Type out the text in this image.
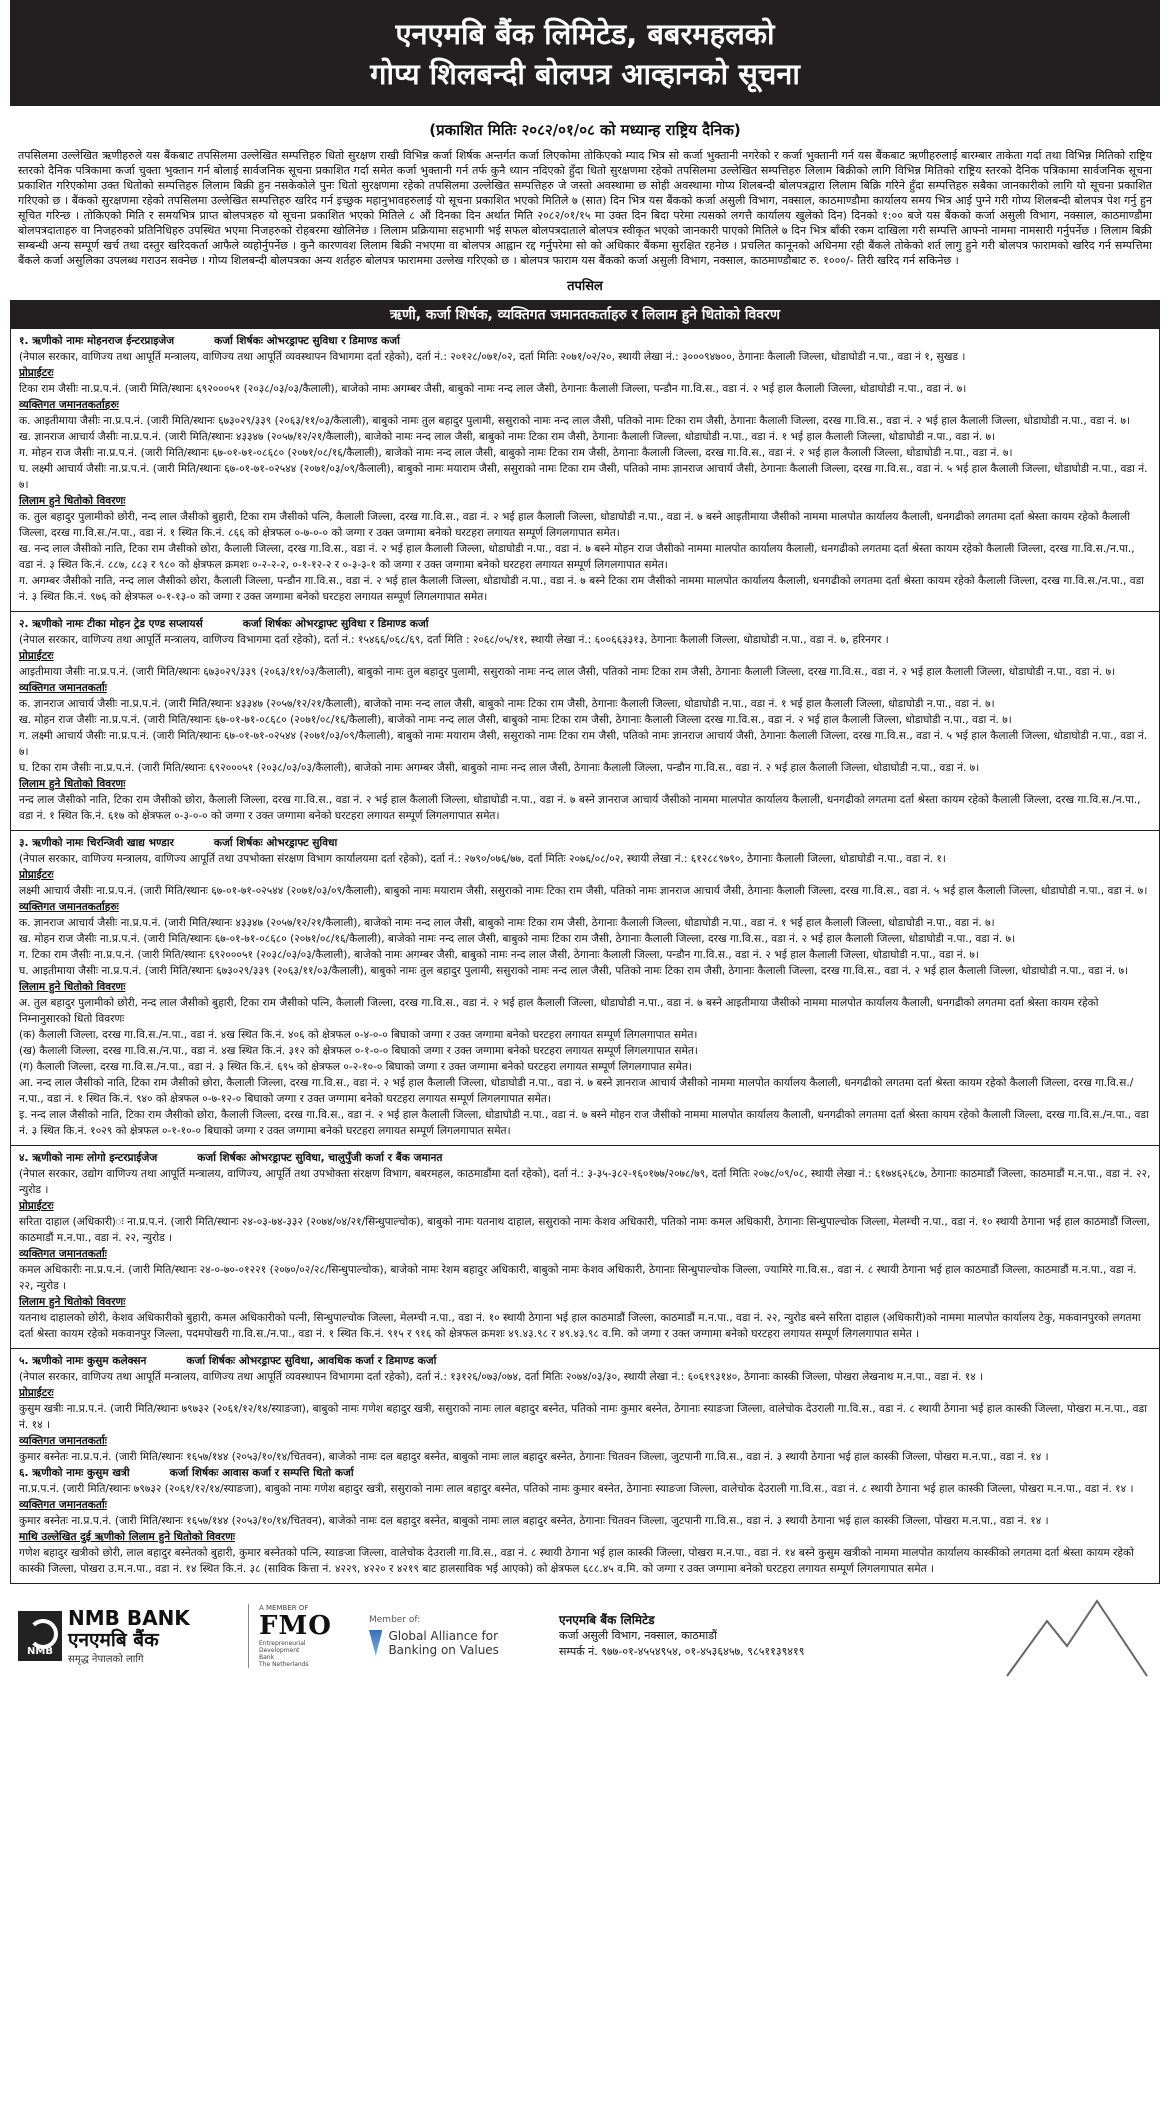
एनएमबि बैंक लिमिटेड, बबरमहलको
गोप्य शिलबन्दी बोलपत्र आव्हानको सूचना
(प्रकाशित मितिः २०८२/०१/०८ को मध्यान्ह राष्ट्रिय दैनिक)

तपसिलमा उल्लेखित ऋणीहरुले यस बैंकबाट तपसिलमा उल्लेखित सम्पत्तिहरु धितो सुरक्षण राखी विभिन्न कर्जा शिर्षक अन्तर्गत कर्जा लिएकोमा तोकिएको म्याद भित्र सो कर्जा भुक्तानी नगरेको र कर्जा भुक्तानी गर्न यस बैंकबाट ऋणीहरुलाई बारम्बार ताकेता गर्दा तथा विभिन्न मितिको राष्ट्रिय स्तरको दैनिक पत्रिकामा कर्जा चुक्ता भुक्तान गर्न बोलाई सार्वजनिक सूचना प्रकाशित गर्दा समेत कर्जा भुक्तानी गर्न तर्फ कुनै ध्यान नदिएको हुँदा धितो सुरक्षणमा रहेको तपसिलमा उल्लेखित सम्पत्तिहरु लिलाम बिक्रीको लागि विभिन्न मितिको राष्ट्रिय स्तरको दैनिक पत्रिकामा सार्वजनिक सूचना प्रकाशित गरिएकोमा उक्त धितोको सम्पत्तिहरु लिलाम बिक्री हुन नसकेकोले पुनः धितो सुरक्षणमा रहेको तपसिलमा उल्लेखित सम्पत्तिहरु जे जस्तो अवस्थामा छ सोही अवस्थामा गोप्य शिलबन्दी बोलपत्रद्वारा लिलाम बिक्रि गरिने हुँदा सम्पत्तिहरु सबैका जानकारीको लागि यो सूचना प्रकाशित गरिएको छ । बैंकको सुरक्षणमा रहेको तपसिलमा उल्लेखित सम्पत्तिहरु खरिद गर्न इच्छुक महानुभावहरुलाई यो सूचना प्रकाशित भएको मितिले ७ (सात) दिन भित्र यस बैंकको कर्जा असुली विभाग, नक्साल, काठमाण्डौमा कार्यालय समय भित्र आई पुग्ने गरी गोप्य शिलबन्दी बोलपत्र पेश गर्नु हुन सूचित गरिन्छ । तोकिएको मिति र समयभित्र प्राप्त बोलपत्रहरु यो सूचना प्रकाशित भएको मितिले ८ औं दिनका दिन अर्थात मिति २०८२/०१/१५ मा उक्त दिन बिदा परेमा त्यसको लगत्तै कार्यालय खुलेको दिन) दिनको १:०० बजे यस बैंकको कर्जा असुली विभाग, नक्साल, काठमाण्डौमा बोलपत्रदाताहरु वा निजहरुको प्रतिनिधिहरु उपस्थित भएमा निजहरुको रोहबरमा खोलिनेछ । लिलाम प्रक्रियामा सहभागी भई सफल बोलपत्रदाताले बोलपत्र स्वीकृत भएको जानकारी पाएको मितिले ७ दिन भित्र बाँकी रकम दाखिला गरी सम्पत्ति आफ्नो नाममा नामसारी गर्नुपर्नेछ । लिलाम बिक्री सम्बन्धी अन्य सम्पूर्ण खर्च तथा दस्तुर खरिदकर्ता आफैले व्यहोर्नुपर्नेछ । कुनै कारणवश लिलाम बिक्री नभएमा वा बोलपत्र आह्वान रद्द गर्नुपरेमा सो को अधिकार बैंकमा सुरक्षित रहनेछ । प्रचलित कानूनको अधिनमा रही बैंकले तोकेको शर्त लागु हुने गरी बोलपत्र फारामको खरिद गर्न सम्पत्तिमा बैंकले कर्जा असुलिका उपलब्ध गराउन सक्नेछ । गोप्य शिलबन्दी बोलपत्रका अन्य शर्तहरु बोलपत्र फाराममा उल्लेख गरिएको छ । बोलपत्र फाराम यस बैंकको कर्जा असुली विभाग, नक्साल, काठमाण्डौबाट रु. १०००/- तिरी खरिद गर्न सकिनेछ ।

तपसिल
ऋणी, कर्जा शिर्षक, व्यक्तिगत जमानतकर्ताहरु र लिलाम हुने धितोको विवरण
१. ऋणीको नामः मोहनराज ईन्टरप्राइजेज	कर्जा शिर्षकः ओभरड्राफ्ट सुविधा र डिमाण्ड कर्जा
(नेपाल सरकार, वाणिज्य तथा आपूर्ति मन्त्रालय, वाणिज्य तथा आपूर्ति व्यवस्थापन विभागमा दर्ता रहेको), दर्ता नं.: २०१२८/०७१/०२, दर्ता मितिः २०७१/०२/२०, स्थायी लेखा नं.: ३०००९४७००, ठेगानाः कैलाली जिल्ला, धोडाघोडी न.पा., वडा नं १, सुखड ।
प्रोप्राईटरः
टिका राम जैसीः ना.प्र.प.नं. (जारी मिति/स्थानः ६९२०००५१ (२०३८/०३/०३/कैलाली), बाजेको नामः अगम्बर जैसी, बाबुको नामः नन्द लाल जैसी, ठेगानाः कैलाली जिल्ला, पन्डौन गा.वि.स., वडा नं. २ भई हाल कैलाली जिल्ला, धोडाघोडी न.पा., वडा नं. ७।
व्यक्तिगत जमानतकर्ताहरुः
क. आइतीमाया जैसीः ना.प्र.प.नं. (जारी मिति/स्थानः ६७३०२९/३३९ (२०६३/११/०३/कैलाली), बाबुको नामः तुल बहादुर पुलामी, ससुराको नामः नन्द लाल जैसी, पतिको नामः टिका राम जैसी, ठेगानाः कैलाली जिल्ला, दरख गा.वि.स., वडा नं. २ भई हाल कैलाली जिल्ला, धोडाघोडी न.पा., वडा नं. ७।
ख. ज्ञानराज आचार्य जैसीः ना.प्र.प.नं. (जारी मिति/स्थानः ४३३४७ (२०५७/१२/२१/कैलाली), बाजेको नामः नन्द लाल जैसी, बाबुको नामः टिका राम जैसी, ठेगानाः कैलाली जिल्ला, धोडाघोडी न.पा., वडा नं. १ भई हाल कैलाली जिल्ला, धोडाघोडी न.पा., वडा नं. ७।
ग. मोहन राज जैसीः ना.प्र.प.नं. (जारी मिति/स्थानः ६७-०१-७१-०८६८० (२०७१/०८/१६/कैलाली), बाजेको नामः नन्द लाल जैसी, बाबुको नामः टिका राम जैसी, ठेगानाः कैलाली जिल्ला, दरख गा.वि.स., वडा नं. २ भई हाल कैलाली जिल्ला, धोडाघोडी न.पा., वडा नं. ७।
घ. लक्ष्मी आचार्य जैसीः ना.प्र.प.नं. (जारी मिति/स्थानः ६७-०१-७१-०२५४४ (२०७१/०३/०९/कैलाली), बाबुको नामः मयाराम जैसी, ससुराको नामः टिका राम जैसी, पतिको नामः ज्ञानराज आचार्य जैसी, ठेगानाः कैलाली जिल्ला, दरख गा.वि.स., वडा नं. ५ भई हाल कैलाली जिल्ला, धोडाघोडी न.पा., वडा नं. ७।
लिलाम हुने धितोको विवरणः
क. तुल बहादुर पुलामीको छोरी, नन्द लाल जैसीको बुहारी, टिका राम जैसीको पत्नि, कैलाली जिल्ला, दरख गा.वि.स., वडा नं. २ भई हाल कैलाली जिल्ला, धोडाघोडी न.पा., वडा नं. ७ बस्ने आइतीमाया जैसीको नाममा मालपोत कार्यालय कैलाली, धनगढीको लगतमा दर्ता श्रेस्ता कायम रहेको कैलाली जिल्ला, दरख गा.वि.स./न.पा., वडा नं. १ स्थित कि.नं. ८६६ को क्षेत्रफल ०-७-०-० को जग्गा र उक्त जग्गामा बनेको घरटहरा लगायत सम्पूर्ण लिगलगापात समेत।
ख. नन्द लाल जैसीको नाति, टिका राम जैसीको छोरा, कैलाली जिल्ला, दरख गा.वि.स., वडा नं. २ भई हाल कैलाली जिल्ला, धोडाघोडी न.पा., वडा नं. ७ बस्ने मोहन राज जैसीको नाममा मालपोत कार्यालय कैलाली, धनगढीको लगतमा दर्ता श्रेस्ता कायम रहेको कैलाली जिल्ला, दरख गा.वि.स./न.पा., वडा नं. ३ स्थित कि.नं. ८८७, ८८३ र ९८० को क्षेत्रफल क्रमशः ०-२-२-२, ०-१-१२-२ र ०-३-३-१ को जग्गा र उक्त जग्गामा बनेको घरटहरा लगायत सम्पूर्ण लिगलगापात समेत।
ग. अगम्बर जैसीको नाति, नन्द लाल जैसीको छोरा, कैलाली जिल्ला, पन्डौन गा.वि.स., वडा नं. २ भई हाल कैलाली जिल्ला, धोडाघोडी न.पा., वडा नं. ७ बस्ने टिका राम जैसीको नाममा मालपोत कार्यालय कैलाली, धनगढीको लगतमा दर्ता श्रेस्ता कायम रहेको कैलाली जिल्ला, दरख गा.वि.स./न.पा., वडा नं. ३ स्थित कि.नं. ९७६ को क्षेत्रफल ०-१-१३-० को जग्गा र उक्त जग्गामा बनेको घरटहरा लगायत सम्पूर्ण लिगलगापात समेत।
२. ऋणीको नामः टीका मोहन ट्रेड एण्ड सप्लायर्स	कर्जा शिर्षकः ओभरड्राफ्ट सुविधा र डिमाण्ड कर्जा
(नेपाल सरकार, वाणिज्य तथा आपूर्ति मन्त्रालय, वाणिज्य विभागमा दर्ता रहेको), दर्ता नं.: १५४६६/०६८/६९, दर्ता मिति : २०६८/०५/११, स्थायी लेखा नं.: ६००६६३३१३, ठेगानाः कैलाली जिल्ला, धोडाघोडी न.पा., वडा नं. ७, हरिनगर ।
प्रोप्राईटरः
आइतीमाया जैसीः ना.प्र.प.नं. (जारी मिति/स्थानः ६७३०२९/३३९ (२०६३/११/०३/कैलाली), बाबुको नामः तुल बहादुर पुलामी, ससुराको नामः नन्द लाल जैसी, पतिको नामः टिका राम जैसी, ठेगानाः कैलाली जिल्ला, दरख गा.वि.स., वडा नं. २ भई हाल कैलाली जिल्ला, धोडाघोडी न.पा., वडा नं. ७।
व्यक्तिगत जमानतकर्ताः
क. ज्ञानराज आचार्य जैसीः ना.प्र.प.नं. (जारी मिति/स्थानः ४३३४७ (२०५७/१२/२१/कैलाली), बाजेको नामः नन्द लाल जैसी, बाबुको नामः टिका राम जैसी, ठेगानाः कैलाली जिल्ला, धोडाघोडी न.पा., वडा नं. १ भई हाल कैलाली जिल्ला, धोडाघोडी न.पा., वडा नं. ७।
ख. मोहन राज जैसीः ना.प्र.प.नं. (जारी मिति/स्थानः ६७-०१-७१-०८६८० (२०७१/०८/१६/कैलाली), बाजेको नामः नन्द लाल जैसी, बाबुको नामः टिका राम जैसी, ठेगानाः कैलाली जिल्ला दरख गा.वि.स., वडा नं. २ भई हाल कैलाली जिल्ला, धोडाघोडी न.पा., वडा नं. ७।
ग. लक्ष्मी आचार्य जैसीः ना.प्र.प.नं. (जारी मिति/स्थानः ६७-०१-७१-०२५४४ (२०७१/०३/०९/कैलाली), बाबुको नामः मयाराम जैसी, ससुराको नामः टिका राम जैसी, पतिको नामः ज्ञानराज आचार्य जैसी, ठेगानाः कैलाली जिल्ला, दरख गा.वि.स., वडा नं. ५ भई हाल कैलाली जिल्ला, धोडाघोडी न.पा., वडा नं. ७।
घ. टिका राम जैसीः ना.प्र.प.नं. (जारी मिति/स्थानः ६९२०००५१ (२०३८/०३/०३/कैलाली), बाजेको नामः अगम्बर जैसी, बाबुको नामः नन्द लाल जैसी, ठेगानाः कैलाली जिल्ला, पन्डौन गा.वि.स., वडा नं. २ भई हाल कैलाली जिल्ला, धोडाघोडी न.पा., वडा नं. ७।
लिलाम हुने धितोको विवरणः
नन्द लाल जैसीको नाति, टिका राम जैसीको छोरा, कैलाली जिल्ला, दरख गा.वि.स., वडा नं. २ भई हाल कैलाली जिल्ला, धोडाघोडी न.पा., वडा नं. ७ बस्ने ज्ञानराज आचार्य जैसीको नाममा मालपोत कार्यालय कैलाली, धनगढीको लगतमा दर्ता श्रेस्ता कायम रहेको कैलाली जिल्ला, दरख गा.वि.स./न.पा., वडा नं. १ स्थित कि.नं. ६१७ को क्षेत्रफल ०-३-०-० को जग्गा र उक्त जग्गामा बनेको घरटहरा लगायत सम्पूर्ण लिगलगापात समेत।
३. ऋणीको नामः चिरन्जिवी खाद्य भण्डार	कर्जा शिर्षकः ओभरड्राफ्ट सुविधा
(नेपाल सरकार, वाणिज्य मन्त्रालय, वाणिज्य आपूर्ति तथा उपभोक्ता संरक्षण विभाग कार्यालयमा दर्ता रहेको), दर्ता नं.: २७९०/०७६/७७, दर्ता मितिः २०७६/०८/०२, स्थायी लेखा नं.: ६१२८८९७९०, ठेगानाः कैलाली जिल्ला, धोडाघोडी न.पा., वडा नं. १।
प्रोप्राईटरः
लक्ष्मी आचार्य जैसीः ना.प्र.प.नं. (जारी मिति/स्थानः ६७-०१-७१-०२५४४ (२०७१/०३/०९/कैलाली), बाबुको नामः मयाराम जैसी, ससुराको नामः टिका राम जैसी, पतिको नामः ज्ञानराज आचार्य जैसी, ठेगानाः कैलाली जिल्ला, दरख गा.वि.स., वडा नं. ५ भई हाल कैलाली जिल्ला, धोडाघोडी न.पा., वडा नं. ७।
व्यक्तिगत जमानतकर्ताहरुः
क. ज्ञानराज आचार्य जैसीः ना.प्र.प.नं. (जारी मिति/स्थानः ४३३४७ (२०५७/१२/२१/कैलाली), बाजेको नामः नन्द लाल जैसी, बाबुको नामः टिका राम जैसी, ठेगानाः कैलाली जिल्ला, धोडाघोडी न.पा., वडा नं. १ भई हाल कैलाली जिल्ला, धोडाघोडी न.पा., वडा नं. ७।
ख. मोहन राज जैसीः ना.प्र.प.नं. (जारी मिति/स्थानः ६७-०१-७१-०८६८० (२०७१/०८/१६/कैलाली), बाजेको नामः नन्द लाल जैसी, बाबुको नामः टिका राम जैसी, ठेगानाः कैलाली जिल्ला, दरख गा.वि.स., वडा नं. २ भई हाल कैलाली जिल्ला, धोडाघोडी न.पा., वडा नं. ७।
ग. टिका राम जैसीः ना.प्र.प.नं. (जारी मिति/स्थानः ६९२०००५१ (२०३८/०३/०३/कैलाली), बाजेको नामः अगम्बर जैसी, बाबुको नामः नन्द लाल जैसी, ठेगानाः कैलाली जिल्ला, पन्डौन गा.वि.स., वडा नं. २ भई हाल कैलाली जिल्ला, धोडाघोडी न.पा., वडा नं. ७।
घ. आइतीमाया जैसीः ना.प्र.प.नं. (जारी मिति/स्थानः ६७३०२९/३३९ (२०६३/११/०३/कैलाली), बाबुको नामः तुल बहादुर पुलामी, ससुराको नामः नन्द लाल जैसी, पतिको नामः टिका राम जैसी, ठेगानाः कैलाली जिल्ला, दरख गा.वि.स., वडा नं. २ भई हाल कैलाली जिल्ला, धोडाघोडी न.पा., वडा नं. ७।
लिलाम हुने धितोको विवरणः
अ. तुल बहादुर पुलामीको छोरी, नन्द लाल जैसीको बुहारी, टिका राम जैसीको पत्नि, कैलाली जिल्ला, दरख गा.वि.स., वडा नं. २ भई हाल कैलाली जिल्ला, धोडाघोडी न.पा., वडा नं. ७ बस्ने आइतीमाया जैसीको नाममा मालपोत कार्यालय कैलाली, धनगढीको लगतमा दर्ता श्रेस्ता कायम रहेको निम्नानुसारको धितो विवरणः
(क) कैलाली जिल्ला, दरख गा.वि.स./न.पा., वडा नं. ४ख स्थित कि.नं. ४०६ को क्षेत्रफल ०-४-०-० बिघाको जग्गा र उक्त जग्गामा बनेको घरटहरा लगायत सम्पूर्ण लिगलगापात समेत।
(ख) कैलाली जिल्ला, दरख गा.वि.स./न.पा., वडा नं. ४ख स्थित कि.नं. ३१२ को क्षेत्रफल ०-१-०-० बिघाको जग्गा र उक्त जग्गामा बनेको घरटहरा लगायत सम्पूर्ण लिगलगापात समेत।
(ग) कैलाली जिल्ला, दरख गा.वि.स./न.पा., वडा नं. ३ स्थित कि.नं. ६९५ को क्षेत्रफल ०-२-१०-० बिघाको जग्गा र उक्त जग्गामा बनेको घरटहरा लगायत सम्पूर्ण लिगलगापात समेत।
आ. नन्द लाल जैसीको नाति, टिका राम जैसीको छोरा, कैलाली जिल्ला, दरख गा.वि.स., वडा नं. २ भई हाल कैलाली जिल्ला, धोडाघोडी न.पा., वडा नं. ७ बस्ने ज्ञानराज आचार्य जैसीको नाममा मालपोत कार्यालय कैलाली, धनगढीको लगतमा दर्ता श्रेस्ता कायम रहेको कैलाली जिल्ला, दरख गा.वि.स./न.पा., वडा नं. १ स्थित कि.नं. ९४० को क्षेत्रफल ०-७-१२-० बिघाको जग्गा र उक्त जग्गामा बनेको घरटहरा लगायत सम्पूर्ण लिगलगापात समेत।
इ. नन्द लाल जैसीको नाति, टिका राम जैसीको छोरा, कैलाली जिल्ला, दरख गा.वि.स., वडा नं. २ भई हाल कैलाली जिल्ला, धोडाघोडी न.पा., वडा नं. ७ बस्ने मोहन राज जैसीको नाममा मालपोत कार्यालय कैलाली, धनगढीको लगतमा दर्ता श्रेस्ता कायम रहेको कैलाली जिल्ला, दरख गा.वि.स./न.पा., वडा नं. ३ स्थित कि.नं. १०२९ को क्षेत्रफल ०-१-१०-० बिघाको जग्गा र उक्त जग्गामा बनेको घरटहरा लगायत सम्पूर्ण लिगलगापात समेत।
४. ऋणीको नामः लोगो इन्टरप्राईजेज	कर्जा शिर्षकः ओभरड्राफ्ट सुविधा, चालुपुँजी कर्जा र बैंक जमानत
(नेपाल सरकार, उद्योग वाणिज्य तथा आपूर्ति मन्त्रालय, वाणिज्य, आपूर्ति तथा उपभोक्ता संरक्षण विभाग, बबरमहल, काठमाडौंमा दर्ता रहेको), दर्ता नं.: ३-३५-३८२-१६०१७७/२०७८/७९, दर्ता मितिः २०७८/०९/०८, स्थायी लेखा नं.: ६१७४६२६८७, ठेगानाः काठमाडौं जिल्ला, काठमाडौं म.न.पा., वडा नं. २२, न्युरोड ।
प्रोप्राईटरः
सरिता दाहाल (अधिकारी)ः ना.प्र.प.नं. (जारी मिति/स्थानः २४-०३-७४-३३२ (२०७४/०४/२१/सिन्धुपाल्चोक), बाबुको नामः यतनाथ दाहाल, ससुराको नामः केशव अधिकारी, पतिको नामः कमल अधिकारी, ठेगानाः सिन्धुपाल्चोक जिल्ला, मेलम्ची न.पा., वडा नं. १० स्थायी ठेगाना भई हाल काठमाडौं जिल्ला, काठमाडौं म.न.पा., वडा नं. २२, न्युरोड ।
व्यक्तिगत जमानतकर्ताः
कमल अधिकारीः ना.प्र.प.नं. (जारी मिति/स्थानः २४-०-७०-०१२२१ (२०७०/०२/२८/सिन्धुपाल्चोक), बाजेको नामः रेशम बहादुर अधिकारी, बाबुको नामः केशव अधिकारी, ठेगानाः सिन्धुपाल्चोक जिल्ला, ज्यामिरे गा.वि.स., वडा नं. ८ स्थायी ठेगाना भई हाल काठमाडौं जिल्ला, काठमाडौं म.न.पा., वडा नं. २२, न्युरोड ।
लिलाम हुने धितोको विवरणः
यतनाथ दाहालको छोरी, केशव अधिकारीको बुहारी, कमल अधिकारीको पत्नी, सिन्धुपाल्चोक जिल्ला, मेलम्ची न.पा., वडा नं. १० स्थायी ठेगाना भई हाल काठमाडौं जिल्ला, काठमाडौं म.न.पा., वडा नं. २२, न्युरोड बस्ने सरिता दाहाल (अधिकारी)को नाममा मालपोत कार्यालय टेकु, मकवानपुरको लगतमा दर्ता श्रेस्ता कायम रहेको मकवानपुर जिल्ला, पदमपोखरी गा.वि.स./न.पा., वडा नं. १ स्थित कि.नं. ९१५ र ९१६ को क्षेत्रफल क्रमशः ४९.४३.९८ र ४९.४३.९८ व.मि. को जग्गा र उक्त जग्गामा बनेको घरटहरा लगायत सम्पूर्ण लिगलगापात समेत ।
५. ऋणीको नामः कुसुम कलेक्सन	कर्जा शिर्षकः ओभरड्राफ्ट सुविधा, आवधिक कर्जा र डिमाण्ड कर्जा
(नेपाल सरकार, वाणिज्य तथा आपूर्ति मन्त्रालय, वाणिज्य तथा आपूर्ति व्यवस्थापन विभागमा दर्ता रहेको), दर्ता नं.: १३१२६/०७३/०७४, दर्ता मितिः २०७४/०३/३०, स्थायी लेखा नं.: ६०६१९३१४०, ठेगानाः कास्की जिल्ला, पोखरा लेखनाथ म.न.पा., वडा नं. १४ ।
प्रोप्राईटरः
कुसुम खत्रीः ना.प्र.प.नं. (जारी मिति/स्थानः ७९७३२ (२०६१/१२/१४/स्याङजा), बाबुको नामः गणेश बहादुर खत्री, ससुराको नामः लाल बहादुर बस्नेत, पतिको नामः कुमार बस्नेत, ठेगानाः स्याङजा जिल्ला, वालेचोक देउराली गा.वि.स., वडा नं. ८ स्थायी ठेगाना भई हाल कास्की जिल्ला, पोखरा म.न.पा., वडा नं. १४ ।
व्यक्तिगत जमानतकर्ताः
कुमार बस्नेतः ना.प्र.प.नं. (जारी मिति/स्थानः १६५७/१४४ (२०५३/१०/१४/चितवन), बाजेको नामः दल बहादुर बस्नेत, बाबुको नामः लाल बहादुर बस्नेत, ठेगानाः चितवन जिल्ला, जुटपानी गा.वि.स., वडा नं. ३ स्थायी ठेगाना भई हाल कास्की जिल्ला, पोखरा म.न.पा., वडा नं. १४ ।
६. ऋणीको नामः कुसुम खत्री	कर्जा शिर्षकः आवास कर्जा र सम्पत्ति धितो कर्जा
ना.प्र.प.नं. (जारी मिति/स्थानः ७९७३२ (२०६१/१२/१४/स्याङजा), बाबुको नामः गणेश बहादुर खत्री, ससुराको नामः लाल बहादुर बस्नेत, पतिको नामः कुमार बस्नेत, ठेगानाः स्याङजा जिल्ला, वालेचोक देउराली गा.वि.स., वडा नं. ८ स्थायी ठेगाना भई हाल कास्की जिल्ला, पोखरा म.न.पा., वडा नं. १४ ।
व्यक्तिगत जमानतकर्ताः
कुमार बस्नेतः ना.प्र.प.नं. (जारी मिति/स्थानः १६५७/१४४ (२०५३/१०/१४/चितवन), बाजेको नामः दल बहादुर बस्नेत, बाबुको नामः लाल बहादुर बस्नेत, ठेगानाः चितवन जिल्ला, जुटपानी गा.वि.स., वडा नं. ३ स्थायी ठेगाना भई हाल कास्की जिल्ला, पोखरा म.न.पा., वडा नं. १४ ।
माथि उल्लेखित दुई ऋणीको लिलाम हुने धितोको विवरणः
गणेश बहादुर खत्रीको छोरी, लाल बहादुर बस्नेतको बुहारी, कुमार बस्नेतको पत्नि, स्याङजा जिल्ला, वालेचोक देउराली गा.वि.स., वडा नं. ८ स्थायी ठेगाना भई हाल कास्की जिल्ला, पोखरा म.न.पा., वडा नं. १४ बस्ने कुसुम खत्रीको नाममा मालपोत कार्यालय कास्कीको लगतमा दर्ता श्रेस्ता कायम रहेको कास्की जिल्ला, पोखरा उ.म.न.पा., वडा नं. १४ स्थित कि.नं. ३८ (साविक कित्ता नं. ४२२९, ४२२० र ४२१९ बाट हालसाविक भई आएको) को क्षेत्रफल ६८८.४५ व.मि. को जग्गा र उक्त जग्गामा बनेको घरटहरा लगायत सम्पूर्ण लिगलगापात समेत ।
NMB
NMB BANK
एनएमबि बैंक
समृद्ध नेपालको लागि
A MEMBER OF
FMO
Entrepreneurial
Development
Bank
The Netherlands
Member of:
Global Alliance for Banking on Values
एनएमबि बैंक लिमिटेड
कर्जा असुली विभाग, नक्साल, काठमाडौं
सम्पर्क नं. ९७७-०१-४५५४९५४, ०१-४५३६४५७, ९८५११३९४१९
